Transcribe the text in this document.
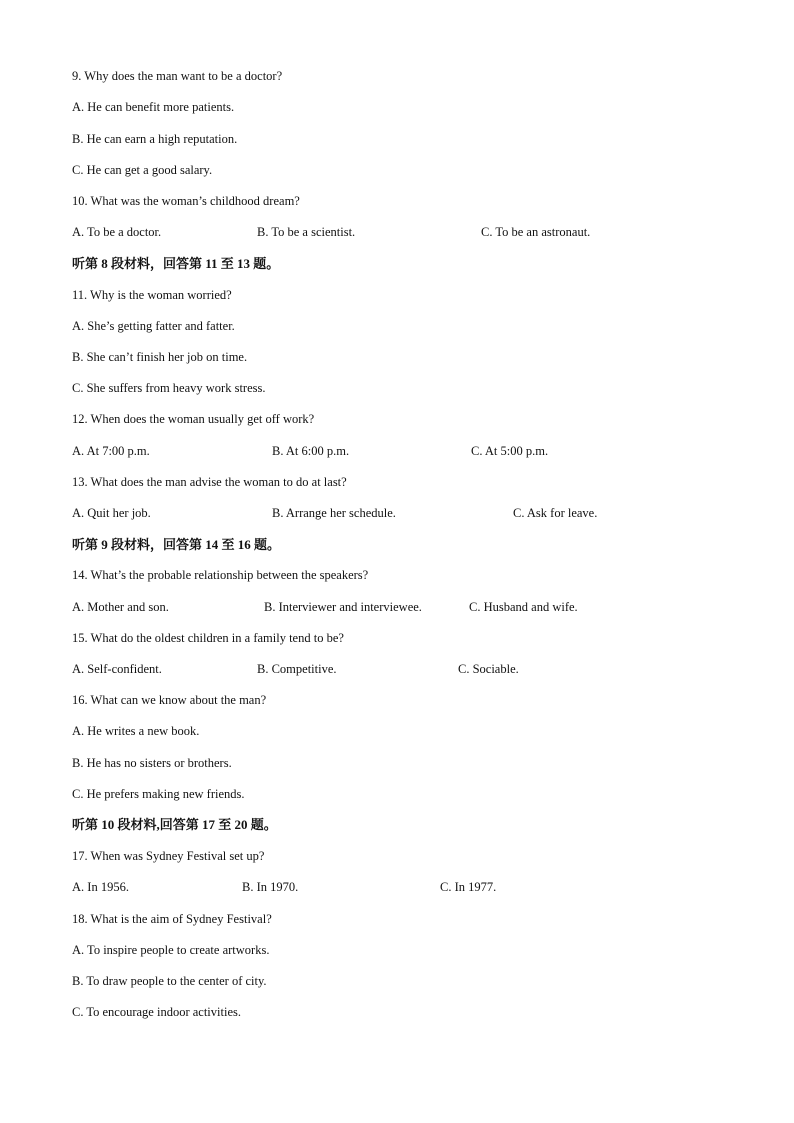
9. Why does the man want to be a doctor?
A. He can benefit more patients.
B. He can earn a high reputation.
C. He can get a good salary.
10. What was the woman’s childhood dream?
A. To be a doctor.	B. To be a scientist.	C. To be an astronaut.
听第 8 段材料，回答第 11 至 13 题。
11. Why is the woman worried?
A. She’s getting fatter and fatter.
B. She can’t finish her job on time.
C. She suffers from heavy work stress.
12. When does the woman usually get off work?
A. At 7:00 p.m.	B. At 6:00 p.m.	C. At 5:00 p.m.
13. What does the man advise the woman to do at last?
A. Quit her job.	B. Arrange her schedule.	C. Ask for leave.
听第 9 段材料，回答第 14 至 16 题。
14. What’s the probable relationship between the speakers?
A. Mother and son.	B. Interviewer and interviewee.	C. Husband and wife.
15. What do the oldest children in a family tend to be?
A. Self-confident.	B. Competitive.	C. Sociable.
16. What can we know about the man?
A. He writes a new book.
B. He has no sisters or brothers.
C. He prefers making new friends.
听第 10 段材料,回答第 17 至 20 题。
17. When was Sydney Festival set up?
A. In 1956.	B. In 1970.	C. In 1977.
18. What is the aim of Sydney Festival?
A. To inspire people to create artworks.
B. To draw people to the center of city.
C. To encourage indoor activities.
